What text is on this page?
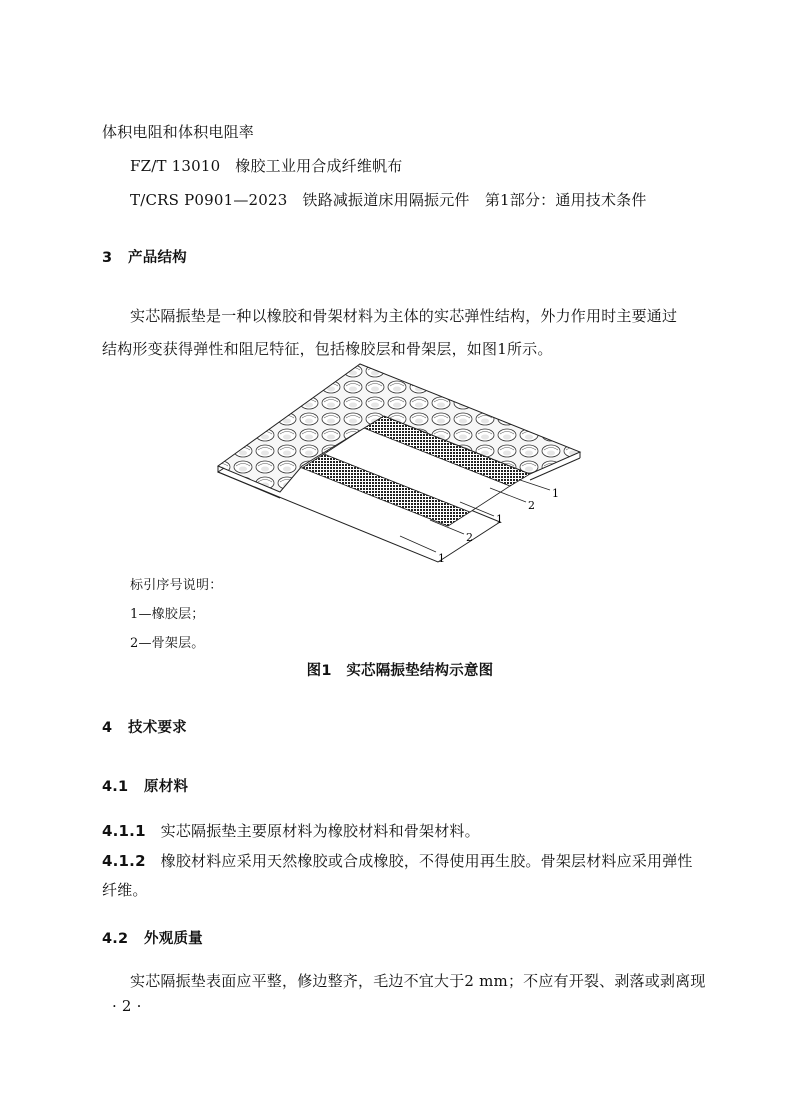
体积电阻和体积电阻率
FZ/T 13010 橡胶工业用合成纤维帆布
T/CRS P0901—2023 铁路减振道床用隔振元件　第1部分：通用技术条件
3 产品结构
实芯隔振垫是一种以橡胶和骨架材料为主体的实芯弹性结构，外力作用时主要通过
结构形变获得弹性和阻尼特征，包括橡胶层和骨架层，如图1所示。
1
2
1
2
1
标引序号说明：
1—橡胶层；
2—骨架层。
图1　实芯隔振垫结构示意图
4 技术要求
4.1 原材料
4.1.1 实芯隔振垫主要原材料为橡胶材料和骨架材料。
4.1.2 橡胶材料应采用天然橡胶或合成橡胶，不得使用再生胶。骨架层材料应采用弹性
纤维。
4.2 外观质量
实芯隔振垫表面应平整，修边整齐，毛边不宜大于2 mm；不应有开裂、剥落或剥离现
· 2 ·
